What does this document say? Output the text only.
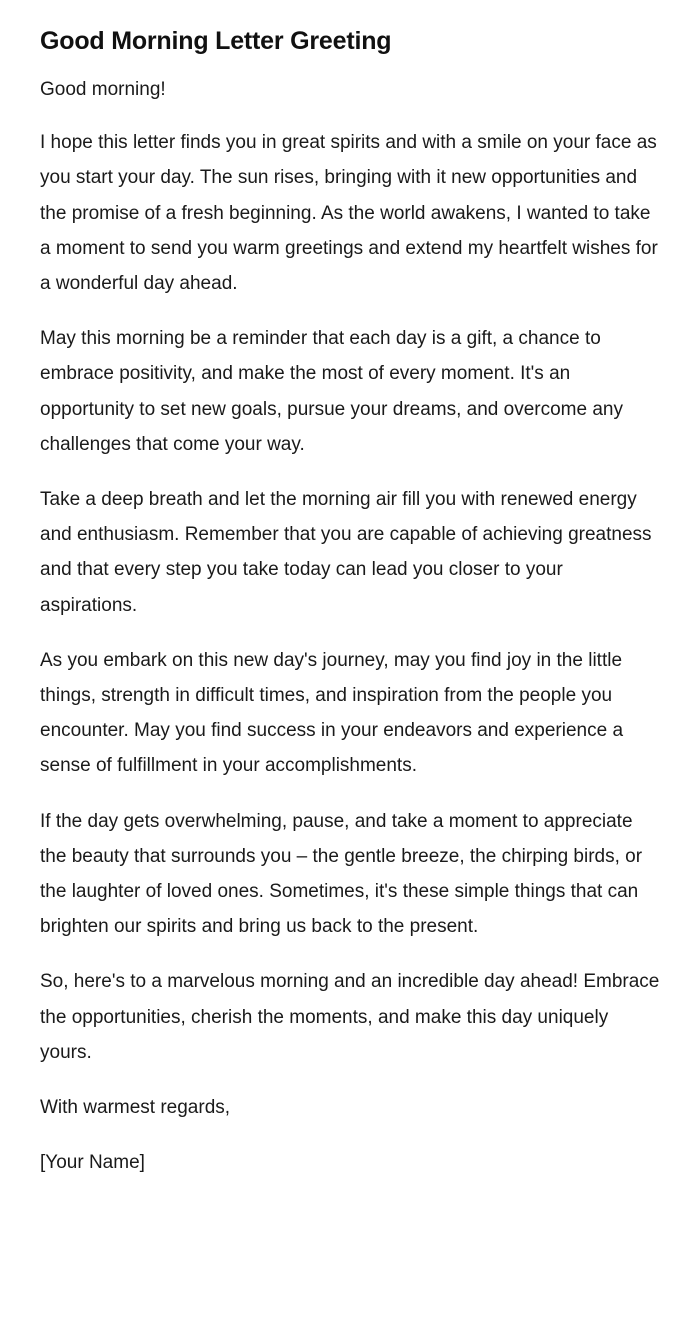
Good Morning Letter Greeting

Good morning!

I hope this letter finds you in great spirits and with a smile on your face as you start your day. The sun rises, bringing with it new opportunities and the promise of a fresh beginning. As the world awakens, I wanted to take a moment to send you warm greetings and extend my heartfelt wishes for a wonderful day ahead.

May this morning be a reminder that each day is a gift, a chance to embrace positivity, and make the most of every moment. It's an opportunity to set new goals, pursue your dreams, and overcome any challenges that come your way.

Take a deep breath and let the morning air fill you with renewed energy and enthusiasm. Remember that you are capable of achieving greatness and that every step you take today can lead you closer to your aspirations.

As you embark on this new day's journey, may you find joy in the little things, strength in difficult times, and inspiration from the people you encounter. May you find success in your endeavors and experience a sense of fulfillment in your accomplishments.

If the day gets overwhelming, pause, and take a moment to appreciate the beauty that surrounds you – the gentle breeze, the chirping birds, or the laughter of loved ones. Sometimes, it's these simple things that can brighten our spirits and bring us back to the present.

So, here's to a marvelous morning and an incredible day ahead! Embrace the opportunities, cherish the moments, and make this day uniquely yours.

With warmest regards,

[Your Name]
